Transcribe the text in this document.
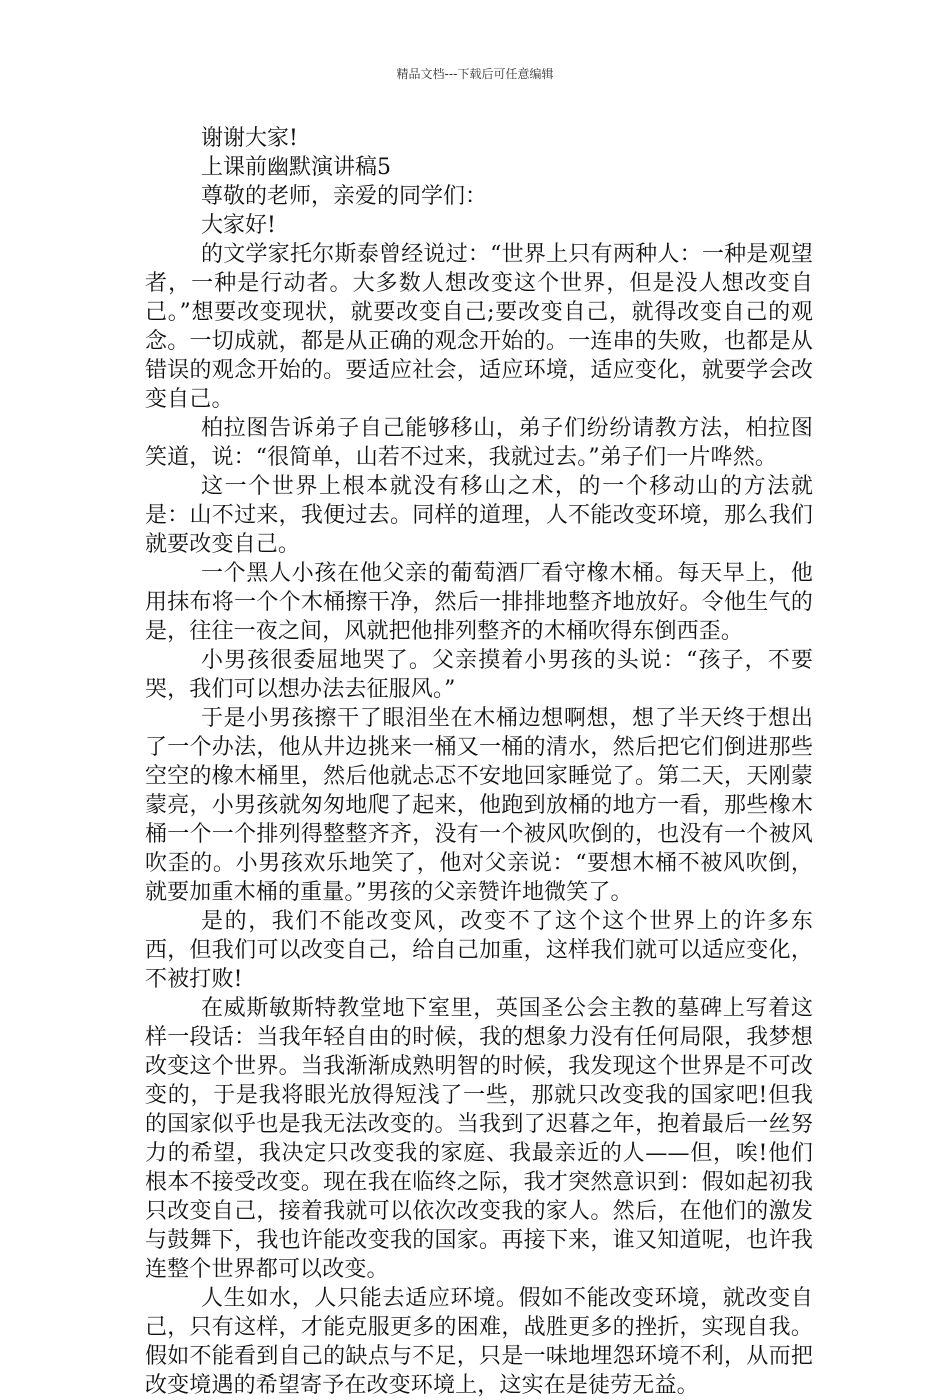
精品文档---下载后可任意编辑

谢谢大家!

上课前幽默演讲稿5

尊敬的老师，亲爱的同学们：

大家好!

的文学家托尔斯泰曾经说过：“世界上只有两种人：一种是观望者，一种是行动者。大多数人想改变这个世界，但是没人想改变自己。”想要改变现状，就要改变自己;要改变自己，就得改变自己的观念。一切成就，都是从正确的观念开始的。一连串的失败，也都是从错误的观念开始的。要适应社会，适应环境，适应变化，就要学会改变自己。

柏拉图告诉弟子自己能够移山，弟子们纷纷请教方法，柏拉图笑道，说：“很简单，山若不过来，我就过去。”弟子们一片哗然。

这一个世界上根本就没有移山之术，的一个移动山的方法就是：山不过来，我便过去。同样的道理，人不能改变环境，那么我们就要改变自己。

一个黑人小孩在他父亲的葡萄酒厂看守橡木桶。每天早上，他用抹布将一个个木桶擦干净，然后一排排地整齐地放好。令他生气的是，往往一夜之间，风就把他排列整齐的木桶吹得东倒西歪。

小男孩很委屈地哭了。父亲摸着小男孩的头说：“孩子，不要哭，我们可以想办法去征服风。”

于是小男孩擦干了眼泪坐在木桶边想啊想，想了半天终于想出了一个办法，他从井边挑来一桶又一桶的清水，然后把它们倒进那些空空的橡木桶里，然后他就忐忑不安地回家睡觉了。第二天，天刚蒙蒙亮，小男孩就匆匆地爬了起来，他跑到放桶的地方一看，那些橡木桶一个一个排列得整整齐齐，没有一个被风吹倒的，也没有一个被风吹歪的。小男孩欢乐地笑了，他对父亲说：“要想木桶不被风吹倒，就要加重木桶的重量。”男孩的父亲赞许地微笑了。

是的，我们不能改变风，改变不了这个这个世界上的许多东西，但我们可以改变自己，给自己加重，这样我们就可以适应变化，不被打败!

在威斯敏斯特教堂地下室里，英国圣公会主教的墓碑上写着这样一段话：当我年轻自由的时候，我的想象力没有任何局限，我梦想改变这个世界。当我渐渐成熟明智的时候，我发现这个世界是不可改变的，于是我将眼光放得短浅了一些，那就只改变我的国家吧!但我的国家似乎也是我无法改变的。当我到了迟暮之年，抱着最后一丝努力的希望，我决定只改变我的家庭、我最亲近的人——但，唉!他们根本不接受改变。现在我在临终之际，我才突然意识到：假如起初我只改变自己，接着我就可以依次改变我的家人。然后，在他们的激发与鼓舞下，我也许能改变我的国家。再接下来，谁又知道呢，也许我连整个世界都可以改变。

人生如水，人只能去适应环境。假如不能改变环境，就改变自己，只有这样，才能克服更多的困难，战胜更多的挫折，实现自我。假如不能看到自己的缺点与不足，只是一味地埋怨环境不利，从而把改变境遇的希望寄予在改变环境上，这实在是徒劳无益。
